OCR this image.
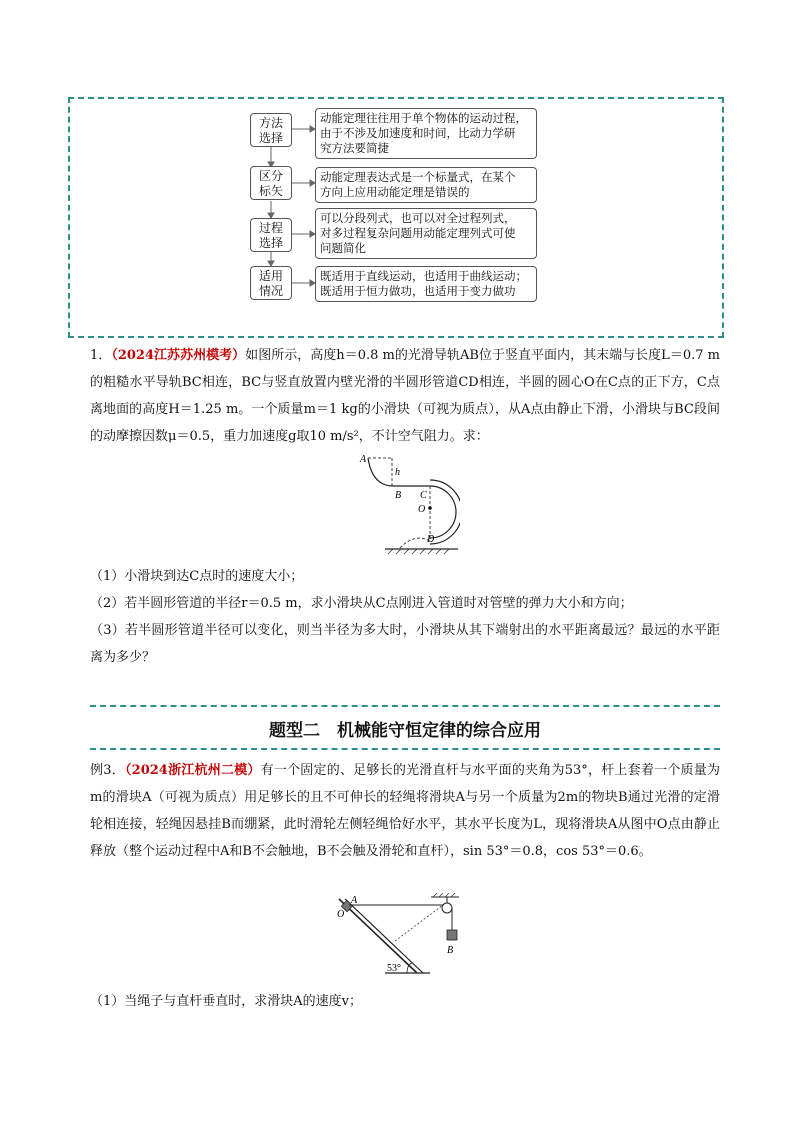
方法
选择
动能定理往往用于单个物体的运动过程，
由于不涉及加速度和时间，比动力学研
究方法要简捷
区分
标矢
动能定理表达式是一个标量式，在某个
方向上应用动能定理是错误的
过程
选择
可以分段列式，也可以对全过程列式，
对多过程复杂问题用动能定理列式可使
问题简化
适用
情况
既适用于直线运动，也适用于曲线运动；
既适用于恒力做功，也适用于变力做功
1．（2024江苏苏州模考）如图所示，高度h＝0.8 m的光滑导轨AB位于竖直平面内，其末端与长度L＝0.7 m的粗糙水平导轨BC相连，BC与竖直放置内壁光滑的半圆形管道CD相连，半圆的圆心O在C点的正下方，C点离地面的高度H＝1.25 m。一个质量m＝1 kg的小滑块（可视为质点），从A点由静止下滑，小滑块与BC段间的动摩擦因数μ＝0.5，重力加速度g取10 m/s²，不计空气阻力。求：
A
h
B C
O
D
（1）小滑块到达C点时的速度大小；
（2）若半圆形管道的半径r＝0.5 m，求小滑块从C点刚进入管道时对管壁的弹力大小和方向；
（3）若半圆形管道半径可以变化，则当半径为多大时，小滑块从其下端射出的水平距离最远？最远的水平距离为多少？
题型二　机械能守恒定律的综合应用
例3．（2024浙江杭州二模）有一个固定的、足够长的光滑直杆与水平面的夹角为53°，杆上套着一个质量为m的滑块A（可视为质点）用足够长的且不可伸长的轻绳将滑块A与另一个质量为2m的物块B通过光滑的定滑轮相连接，轻绳因悬挂B而绷紧，此时滑轮左侧轻绳恰好水平，其水平长度为L，现将滑块A从图中O点由静止释放（整个运动过程中A和B不会触地，B不会触及滑轮和直杆），sin 53°＝0.8，cos 53°＝0.6。
O
A
B
53°
（1）当绳子与直杆垂直时，求滑块A的速度v；
